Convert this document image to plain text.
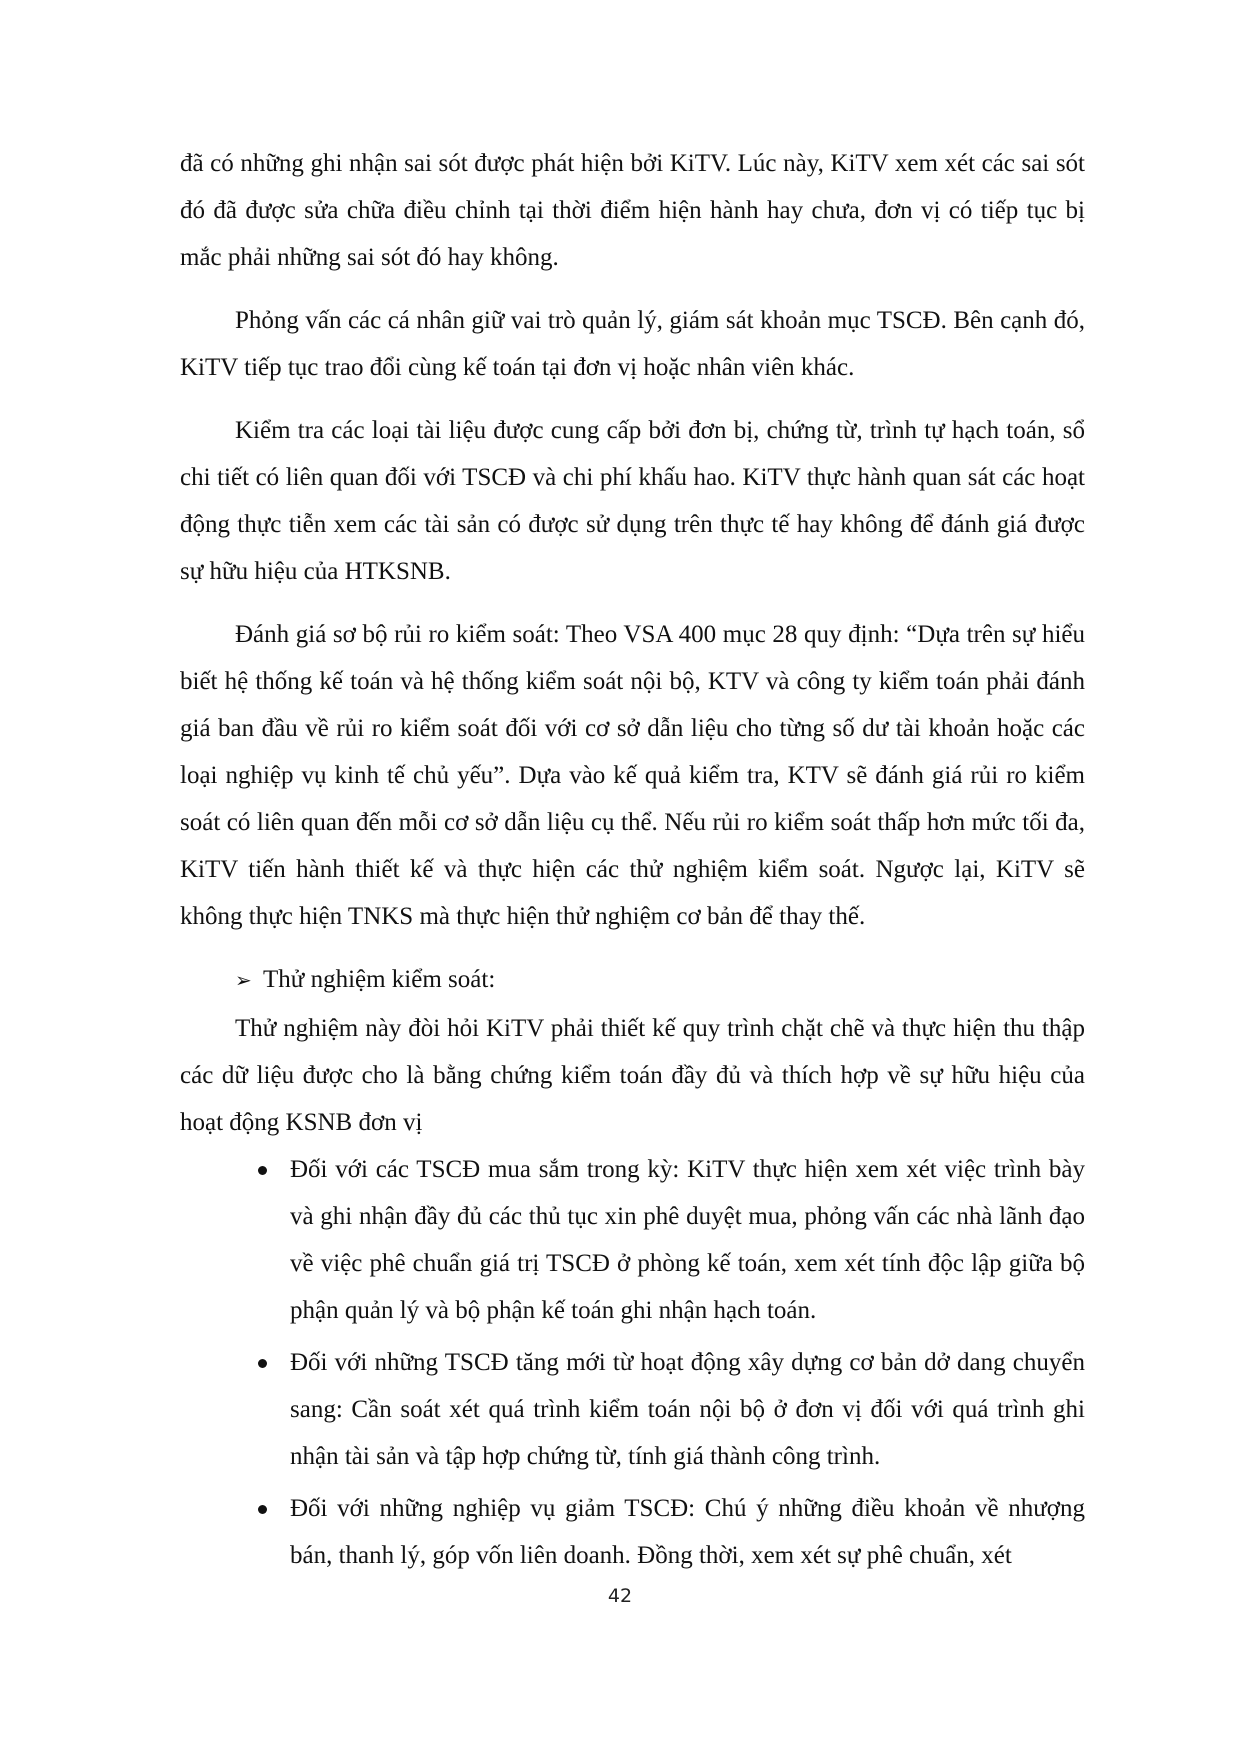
đã có những ghi nhận sai sót được phát hiện bởi KiTV. Lúc này, KiTV xem xét các sai sót đó đã được sửa chữa điều chỉnh tại thời điểm hiện hành hay chưa, đơn vị có tiếp tục bị mắc phải những sai sót đó hay không.

Phỏng vấn các cá nhân giữ vai trò quản lý, giám sát khoản mục TSCĐ. Bên cạnh đó, KiTV tiếp tục trao đổi cùng kế toán tại đơn vị hoặc nhân viên khác.

Kiểm tra các loại tài liệu được cung cấp bởi đơn bị, chứng từ, trình tự hạch toán, sổ chi tiết có liên quan đối với TSCĐ và chi phí khấu hao. KiTV thực hành quan sát các hoạt động thực tiễn xem các tài sản có được sử dụng trên thực tế hay không để đánh giá được sự hữu hiệu của HTKSNB.

Đánh giá sơ bộ rủi ro kiểm soát: Theo VSA 400 mục 28 quy định: “Dựa trên sự hiểu biết hệ thống kế toán và hệ thống kiểm soát nội bộ, KTV và công ty kiểm toán phải đánh giá ban đầu về rủi ro kiểm soát đối với cơ sở dẫn liệu cho từng số dư tài khoản hoặc các loại nghiệp vụ kinh tế chủ yếu”. Dựa vào kế quả kiểm tra, KTV sẽ đánh giá rủi ro kiểm soát có liên quan đến mỗi cơ sở dẫn liệu cụ thể. Nếu rủi ro kiểm soát thấp hơn mức tối đa, KiTV tiến hành thiết kế và thực hiện các thử nghiệm kiểm soát. Ngược lại, KiTV sẽ không thực hiện TNKS mà thực hiện thử nghiệm cơ bản để thay thế.

➢ Thử nghiệm kiểm soát:

Thử nghiệm này đòi hỏi KiTV phải thiết kế quy trình chặt chẽ và thực hiện thu thập các dữ liệu được cho là bằng chứng kiểm toán đầy đủ và thích hợp về sự hữu hiệu của hoạt động KSNB đơn vị

Đối với các TSCĐ mua sắm trong kỳ: KiTV thực hiện xem xét việc trình bày và ghi nhận đầy đủ các thủ tục xin phê duyệt mua, phỏng vấn các nhà lãnh đạo về việc phê chuẩn giá trị TSCĐ ở phòng kế toán, xem xét tính độc lập giữa bộ phận quản lý và bộ phận kế toán ghi nhận hạch toán.
Đối với những TSCĐ tăng mới từ hoạt động xây dựng cơ bản dở dang chuyển sang: Cần soát xét quá trình kiểm toán nội bộ ở đơn vị đối với quá trình ghi nhận tài sản và tập hợp chứng từ, tính giá thành công trình.
Đối với những nghiệp vụ giảm TSCĐ: Chú ý những điều khoản về nhượng bán, thanh lý, góp vốn liên doanh. Đồng thời, xem xét sự phê chuẩn, xét
42
